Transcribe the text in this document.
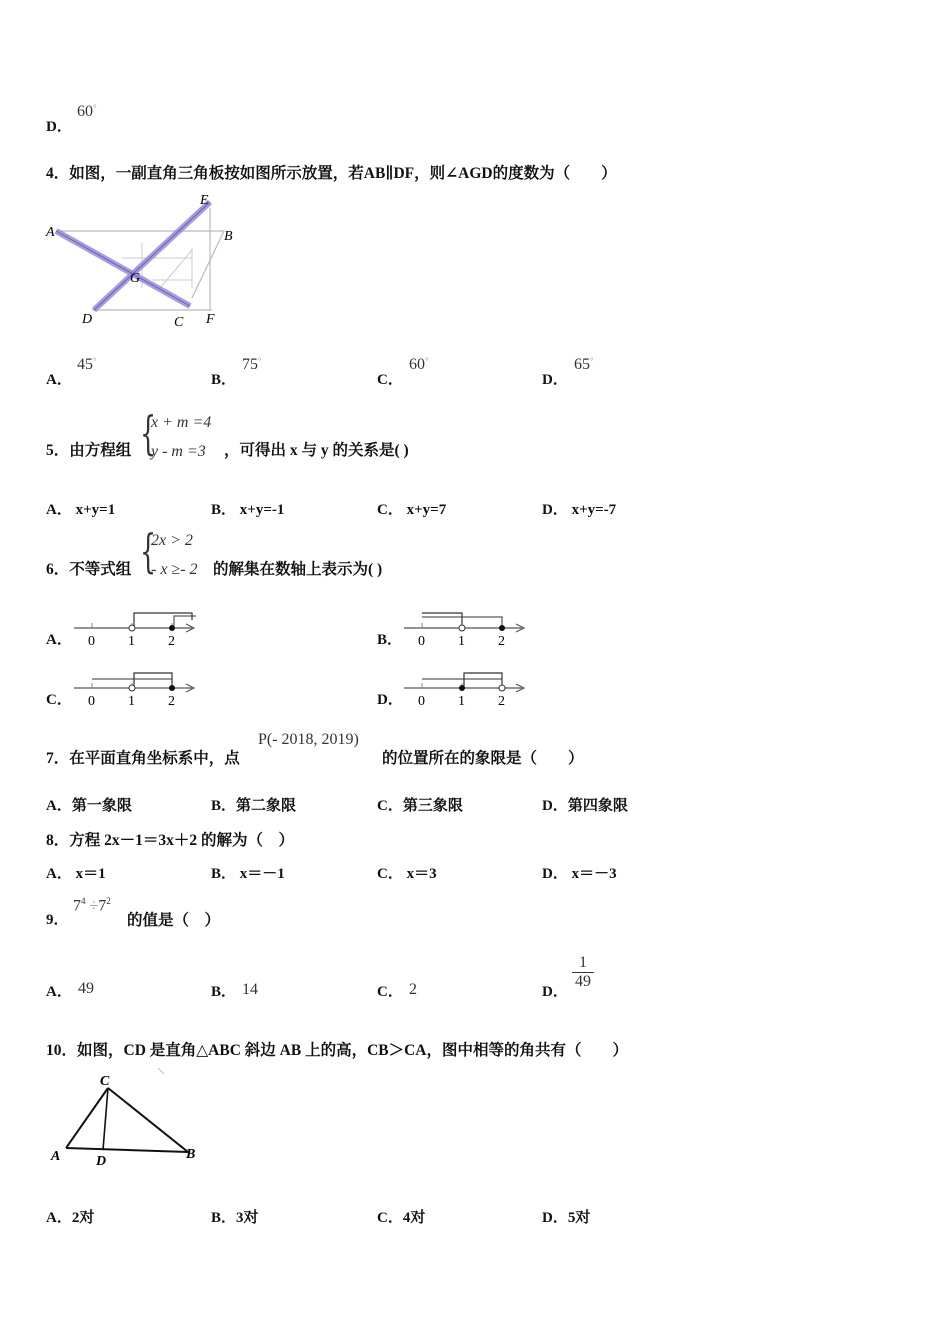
D．
60°
4．如图，一副直角三角板按如图所示放置，若AB∥DF，则∠AGD的度数为（　　）
A	B
E
G
D	C F
A．
45°
B．
75°
C．
60°
D．
65°
5．由方程组 {
x + m =4
y - m =3 ，可得出 x 与 y 的关系是( )
A． x+y=1	B． x+y=-1	C． x+y=7	D． x+y=-7
6．不等式组 {
2x > 2
- x ≥- 2 的解集在数轴上表示为( )
A． 0 1 2	B． 0 1 2
C． 0 1 2	D． 0 1 2
7．在平面直角坐标系中，点
P(- 2018, 2019)
的位置所在的象限是（　　）
A．第一象限	B．第二象限	C．第三象限	D．第四象限
8．方程 2x－1＝3x＋2 的解为（　）
A． x＝1	B． x＝－1	C． x＝3	D． x＝－3
9．
$7^4 \div 7^2$
的值是（　）
A． 49	B． 14	C． 2	D．
$\frac{1}{49}$
10．如图，CD 是直角△ABC 斜边 AB 上的高，CB＞CA，图中相等的角共有（　　）
C
A	D	B
A．2对	B．3对	C．4对	D．5对
